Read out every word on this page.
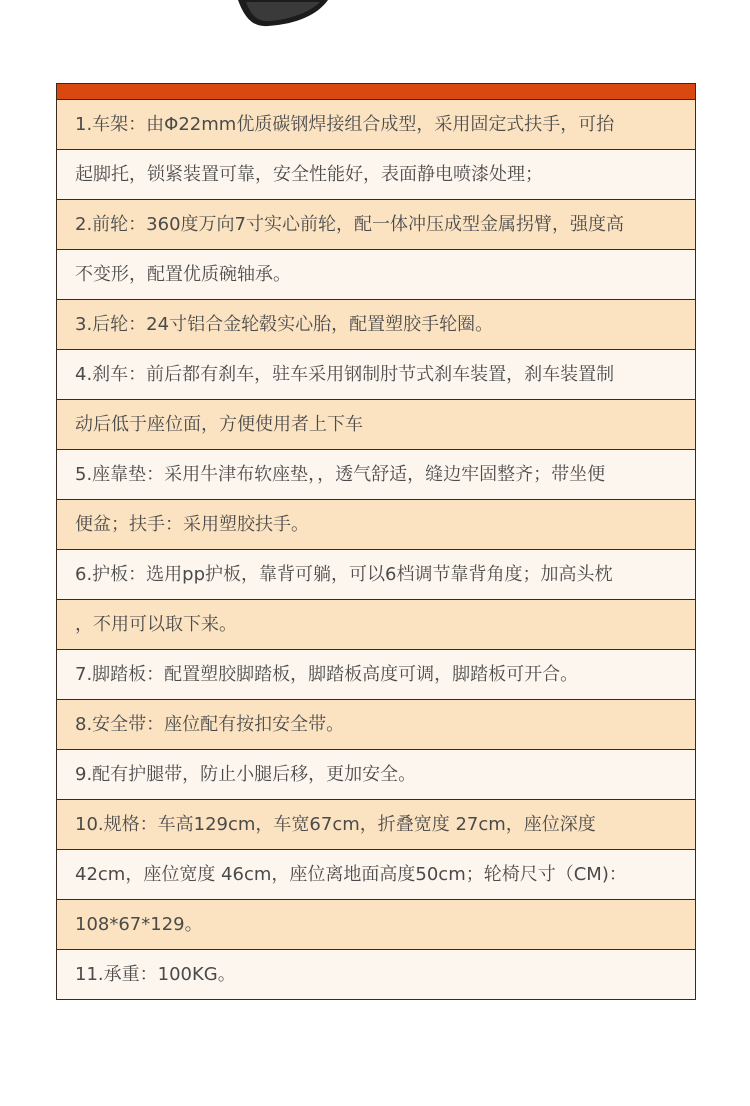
1.车架：由Φ22mm优质碳钢焊接组合成型，采用固定式扶手，可抬
起脚托，锁紧装置可靠，安全性能好，表面静电喷漆处理；
2.前轮：360度万向7寸实心前轮，配一体冲压成型金属拐臂，强度高
不变形，配置优质碗轴承。
3.后轮：24寸铝合金轮毂实心胎，配置塑胶手轮圈。
4.刹车：前后都有刹车，驻车采用钢制肘节式刹车装置，刹车装置制
动后低于座位面，方便使用者上下车
5.座靠垫：采用牛津布软座垫，，透气舒适，缝边牢固整齐；带坐便
便盆；扶手：采用塑胶扶手。
6.护板：选用pp护板，靠背可躺，可以6档调节靠背角度；加高头枕
，不用可以取下来。
7.脚踏板：配置塑胶脚踏板，脚踏板高度可调，脚踏板可开合。
8.安全带：座位配有按扣安全带。
9.配有护腿带，防止小腿后移，更加安全。
10.规格：车高129cm，车宽67cm，折叠宽度 27cm，座位深度
42cm，座位宽度 46cm，座位离地面高度50cm；轮椅尺寸（CM)：
108*67*129。
11.承重：100KG。
